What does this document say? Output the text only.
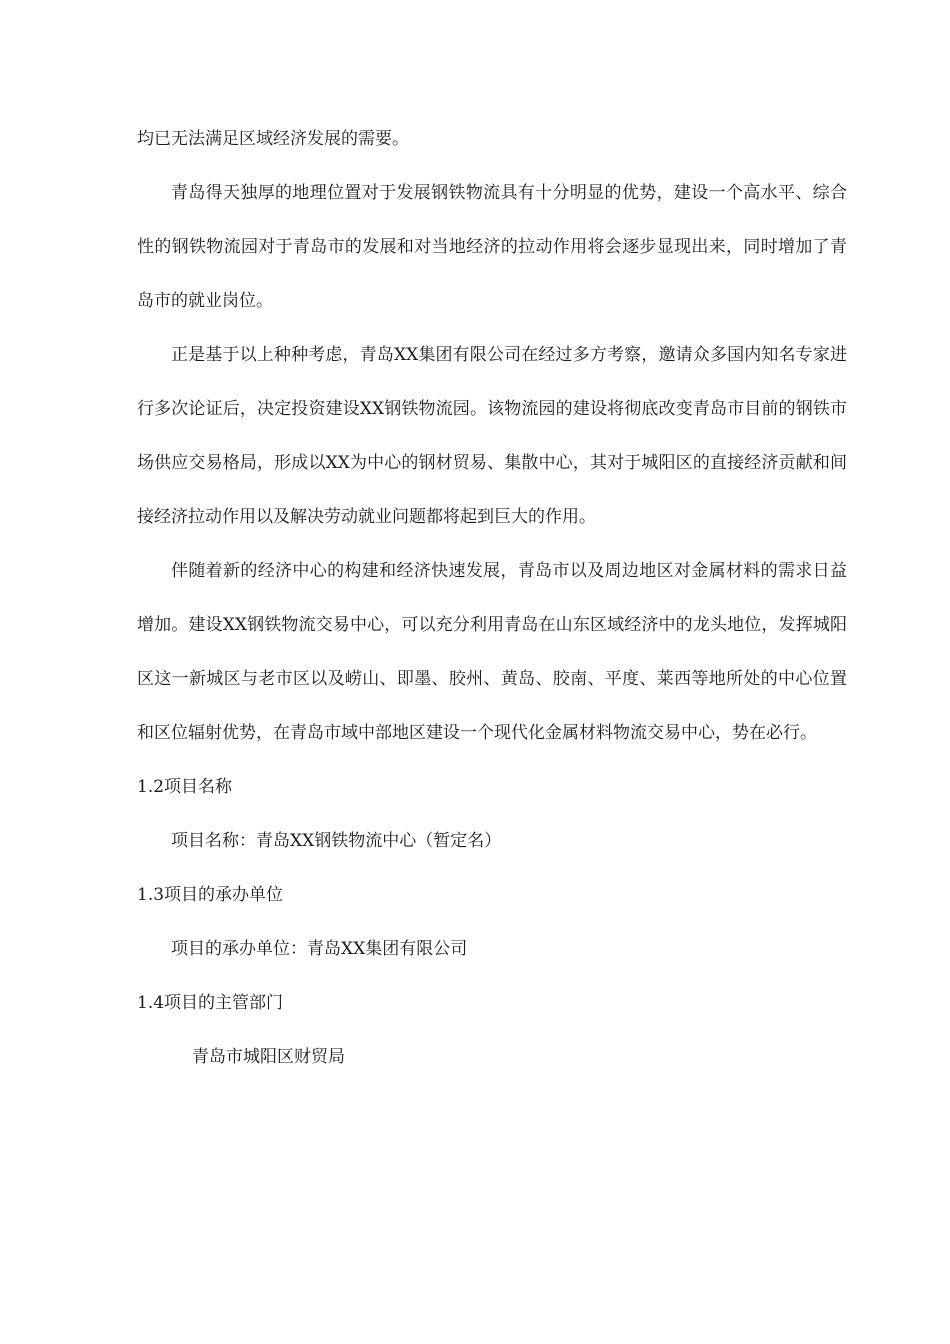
均已无法满足区域经济发展的需要。

青岛得天独厚的地理位置对于发展钢铁物流具有十分明显的优势，建设一个高水平、综合性的钢铁物流园对于青岛市的发展和对当地经济的拉动作用将会逐步显现出来，同时增加了青岛市的就业岗位。

正是基于以上种种考虑，青岛XX集团有限公司在经过多方考察，邀请众多国内知名专家进行多次论证后，决定投资建设XX钢铁物流园。该物流园的建设将彻底改变青岛市目前的钢铁市场供应交易格局，形成以XX为中心的钢材贸易、集散中心，其对于城阳区的直接经济贡献和间接经济拉动作用以及解决劳动就业问题都将起到巨大的作用。

伴随着新的经济中心的构建和经济快速发展，青岛市以及周边地区对金属材料的需求日益增加。建设XX钢铁物流交易中心，可以充分利用青岛在山东区域经济中的龙头地位，发挥城阳区这一新城区与老市区以及崂山、即墨、胶州、黄岛、胶南、平度、莱西等地所处的中心位置和区位辐射优势，在青岛市域中部地区建设一个现代化金属材料物流交易中心，势在必行。

1.2项目名称

项目名称：青岛XX钢铁物流中心（暂定名）

1.3项目的承办单位

项目的承办单位：青岛XX集团有限公司

1.4项目的主管部门

青岛市城阳区财贸局
